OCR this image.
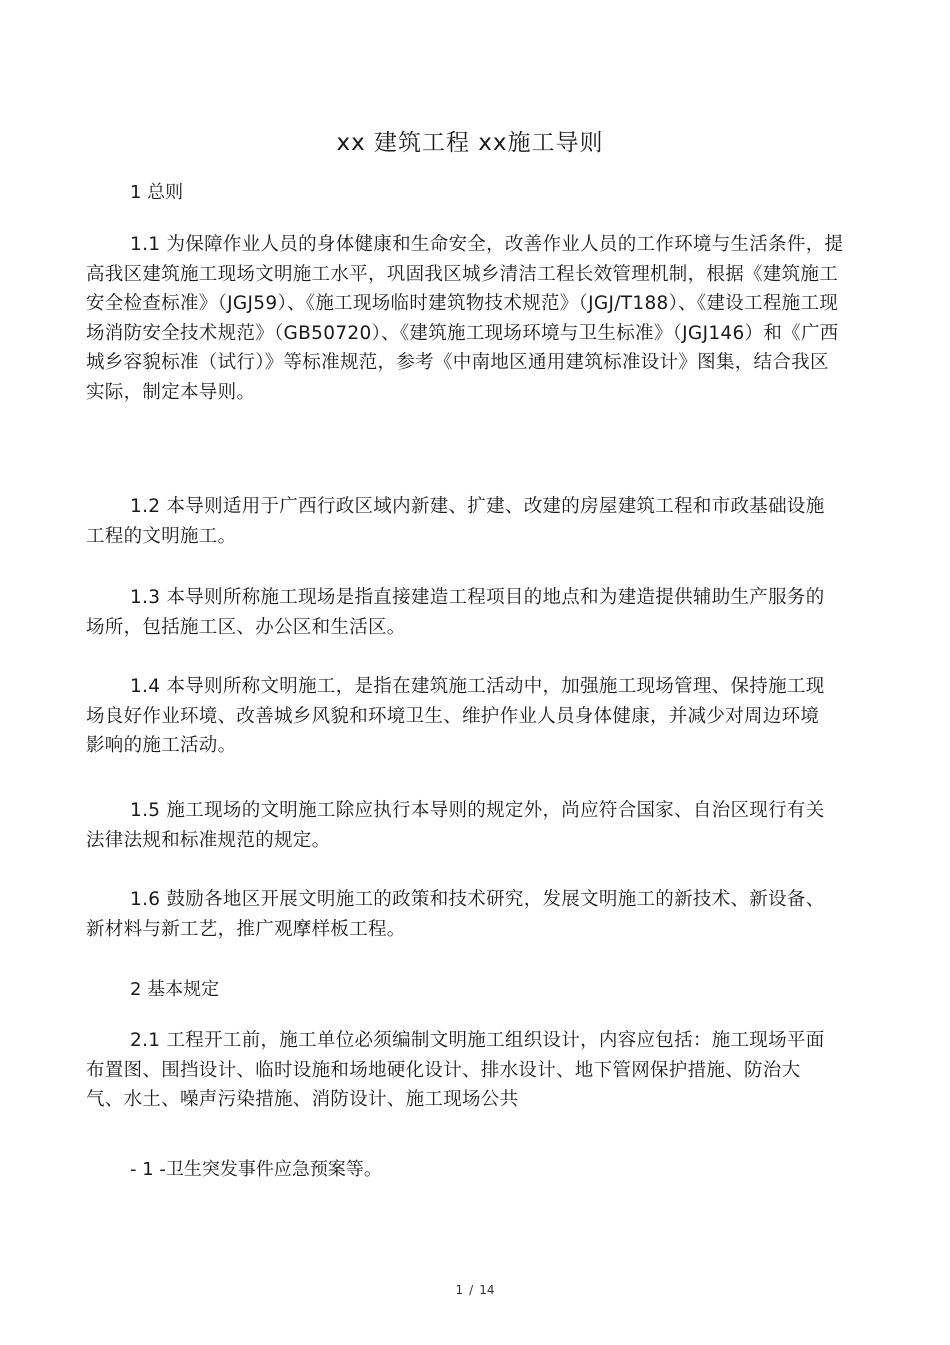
xx 建筑工程 xx施工导则
1 总则
1.1 为保障作业人员的身体健康和生命安全，改善作业人员的工作环境与生活条件，提高我区建筑施工现场文明施工水平，巩固我区城乡清洁工程长效管理机制，根据《建筑施工安全检查标准》（JGJ59）、《施工现场临时建筑物技术规范》（JGJ/T188）、《建设工程施工现场消防安全技术规范》（GB50720）、《建筑施工现场环境与卫生标准》（JGJ146）和《广西城乡容貌标准（试行）》等标准规范，参考《中南地区通用建筑标准设计》图集，结合我区实际，制定本导则。
1.2 本导则适用于广西行政区域内新建、扩建、改建的房屋建筑工程和市政基础设施工程的文明施工。
1.3 本导则所称施工现场是指直接建造工程项目的地点和为建造提供辅助生产服务的场所，包括施工区、办公区和生活区。
1.4 本导则所称文明施工，是指在建筑施工活动中，加强施工现场管理、保持施工现场良好作业环境、改善城乡风貌和环境卫生、维护作业人员身体健康，并减少对周边环境影响的施工活动。
1.5 施工现场的文明施工除应执行本导则的规定外，尚应符合国家、自治区现行有关法律法规和标准规范的规定。
1.6 鼓励各地区开展文明施工的政策和技术研究，发展文明施工的新技术、新设备、新材料与新工艺，推广观摩样板工程。
2 基本规定
2.1 工程开工前，施工单位必须编制文明施工组织设计，内容应包括：施工现场平面布置图、围挡设计、临时设施和场地硬化设计、排水设计、地下管网保护措施、防治大气、水土、噪声污染措施、消防设计、施工现场公共
- 1 -卫生突发事件应急预案等。
1 / 14
